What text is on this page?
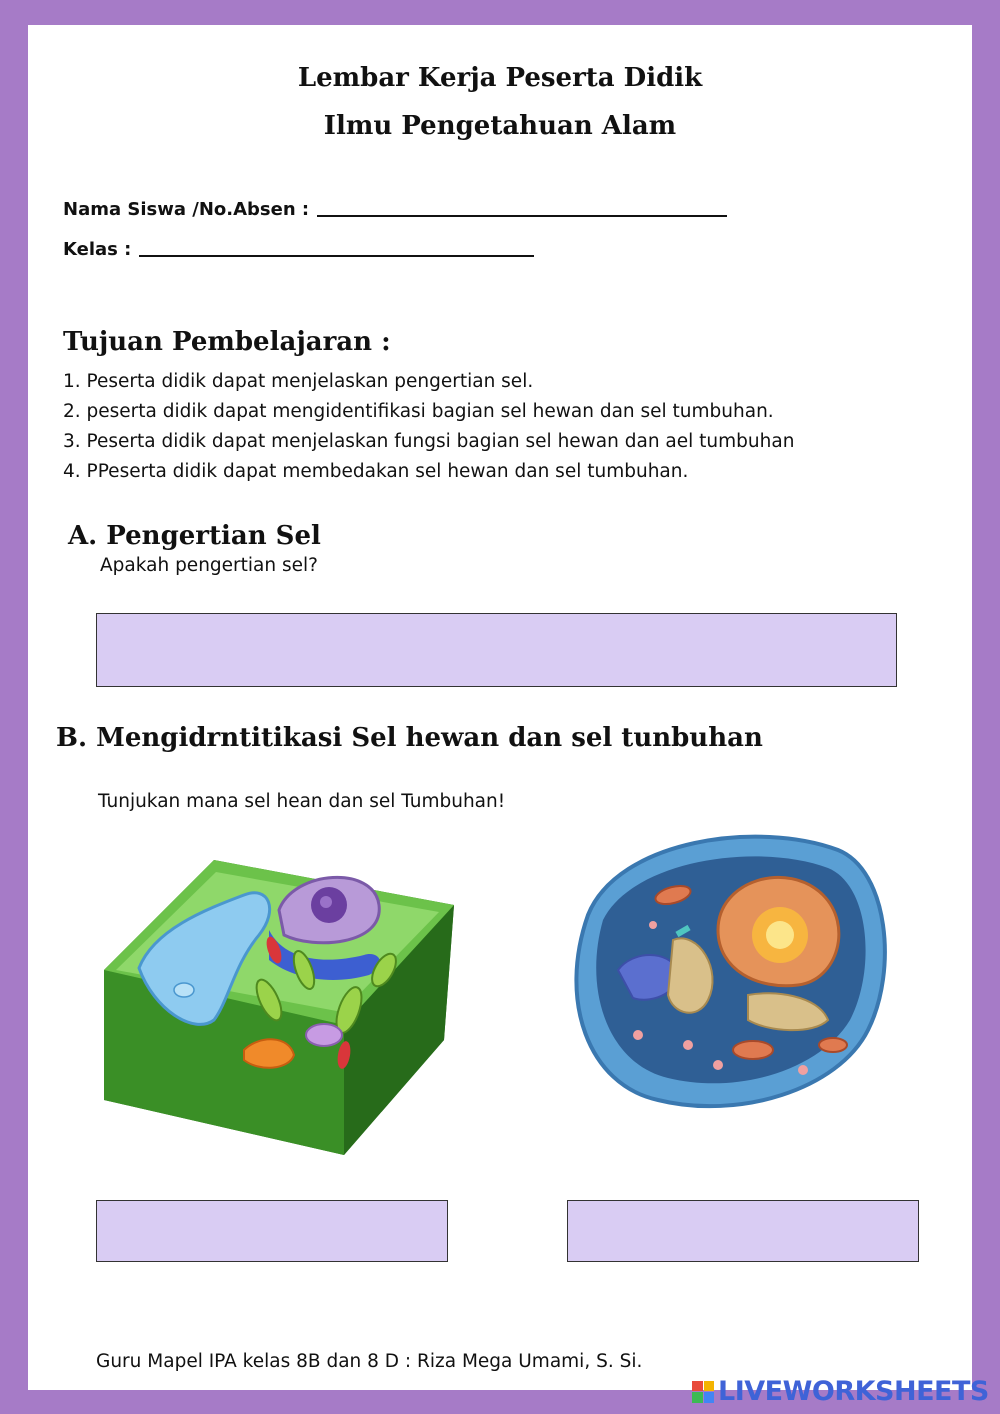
Lembar Kerja Peserta Didik
Ilmu Pengetahuan Alam
Nama Siswa /No.Absen :
Kelas :
Tujuan Pembelajaran :
1. Peserta didik dapat menjelaskan pengertian sel.
2. peserta didik dapat mengidentifikasi bagian sel hewan dan sel tumbuhan.
3. Peserta didik dapat menjelaskan fungsi bagian sel hewan dan ael tumbuhan
4. PPeserta didik dapat membedakan sel hewan dan sel tumbuhan.
A. Pengertian Sel
Apakah pengertian sel?
B. Mengidrntitikasi Sel hewan dan sel tunbuhan
Tunjukan mana sel hean dan sel Tumbuhan!
Guru Mapel IPA kelas 8B dan 8 D : Riza Mega Umami, S. Si.
LIVEWORKSHEETS
